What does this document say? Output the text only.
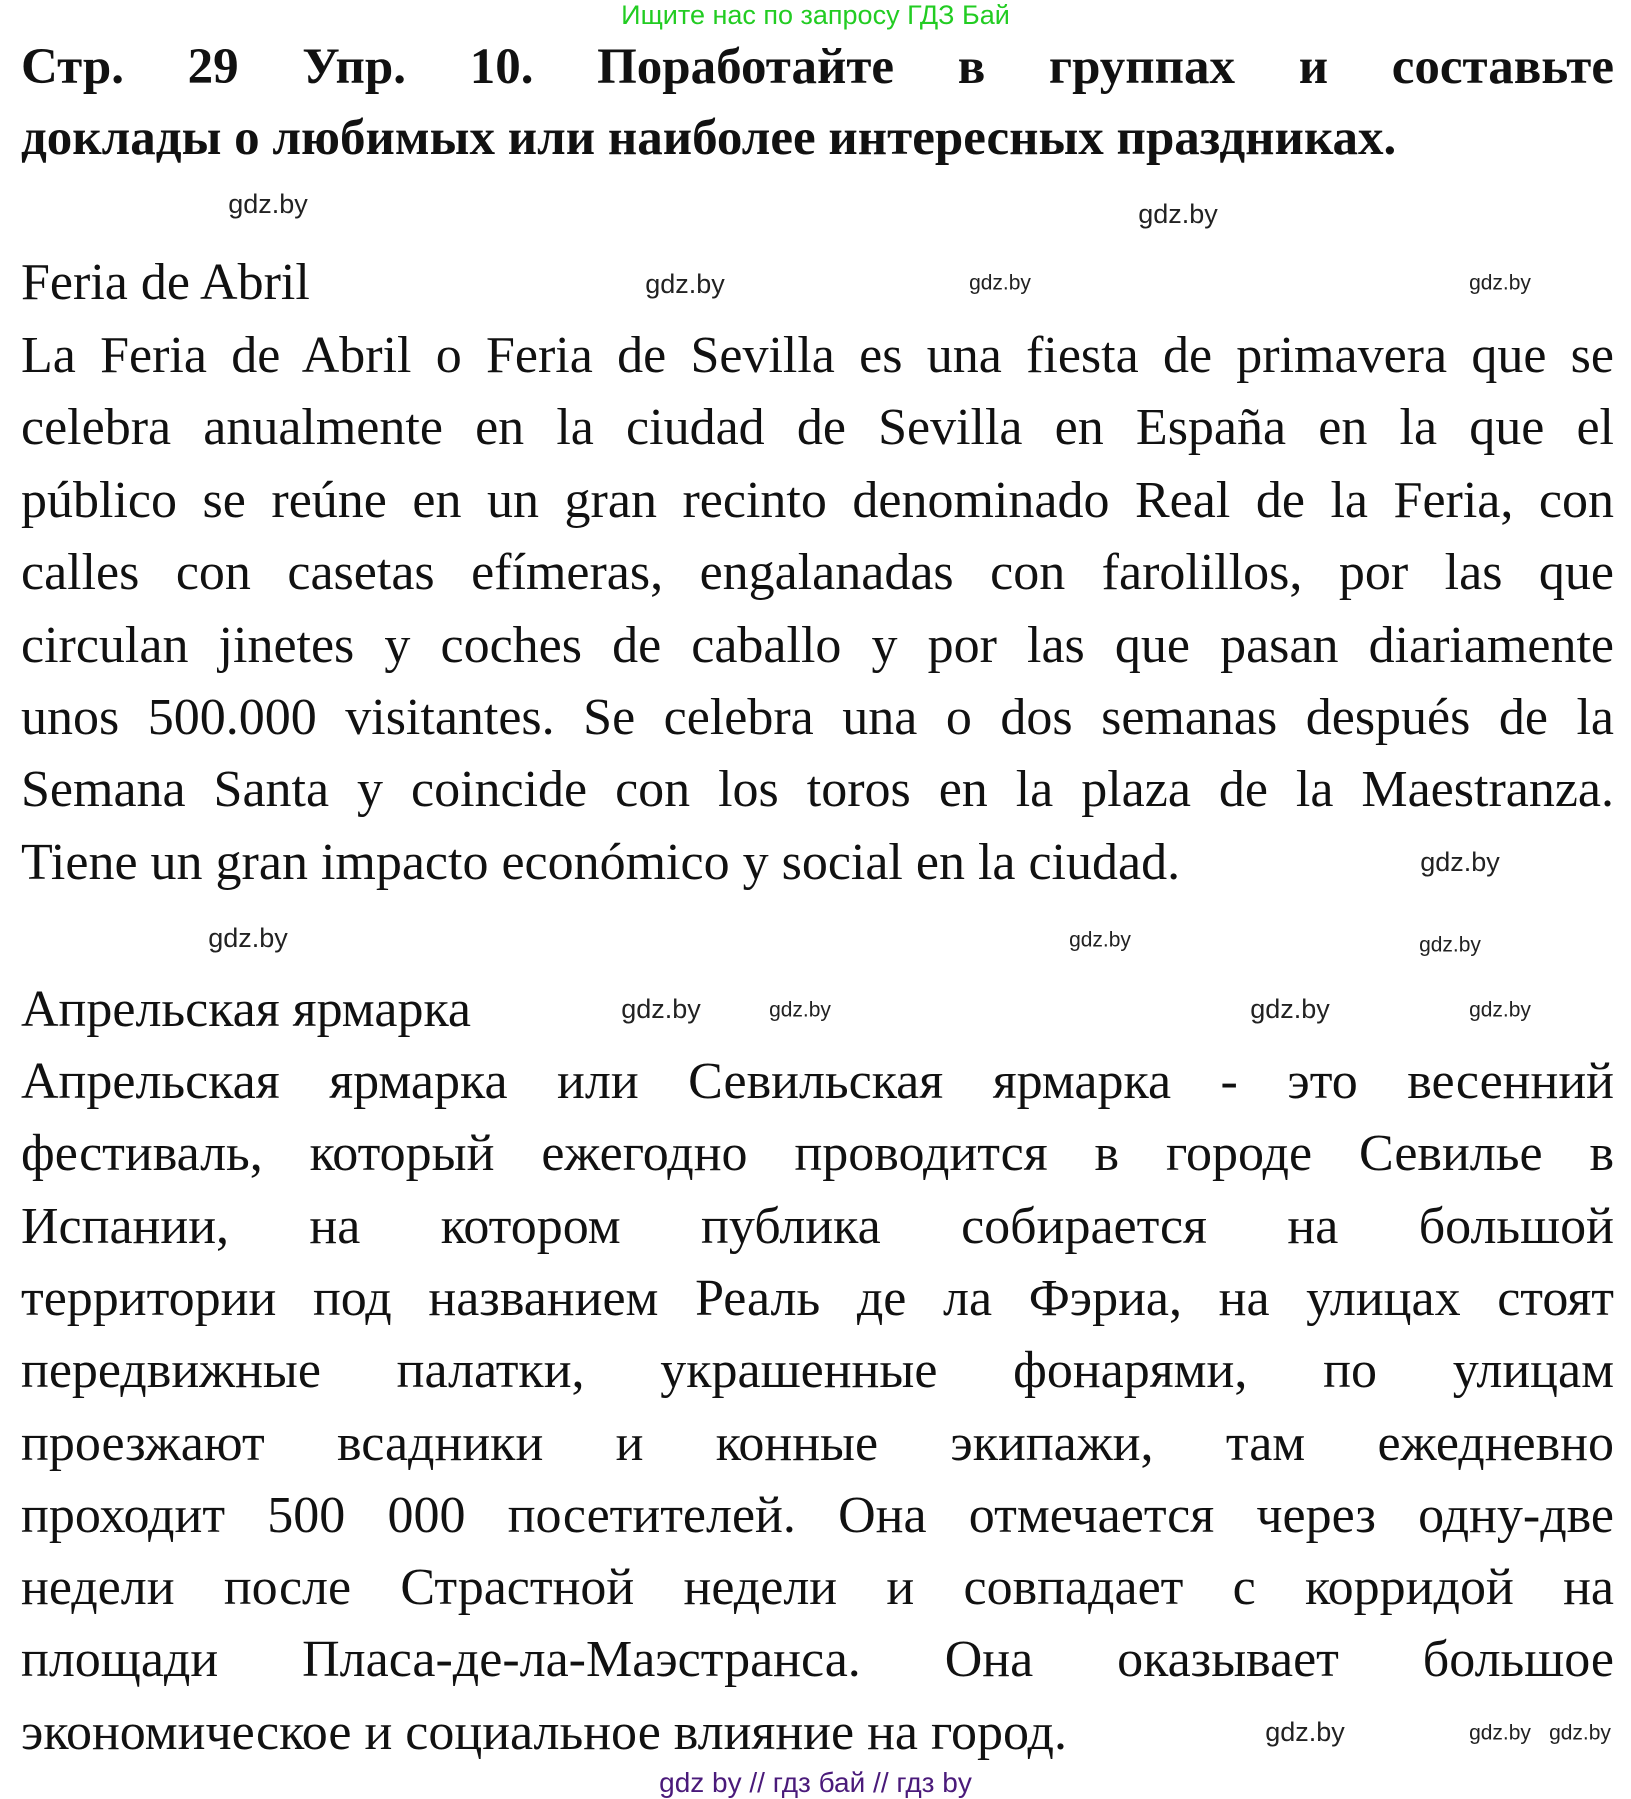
Ищите нас по запросу ГДЗ Бай
Стр. 29 Упр. 10. Поработайте в группах и составьте
доклады о любимых или наиболее интересных праздниках.
Feria de Abril
La Feria de Abril o Feria de Sevilla es una fiesta de primavera que se
celebra anualmente en la ciudad de Sevilla en España en la que el
público se reúne en un gran recinto denominado Real de la Feria, con
calles con casetas efímeras, engalanadas con farolillos, por las que
circulan jinetes y coches de caballo y por las que pasan diariamente
unos 500.000 visitantes. Se celebra una o dos semanas después de la
Semana Santa y coincide con los toros en la plaza de la Maestranza.
Tiene un gran impacto económico y social en la ciudad.
Апрельская ярмарка
Апрельская ярмарка или Севильская ярмарка - это весенний
фестиваль, который ежегодно проводится в городе Севилье в
Испании, на котором публика собирается на большой
территории под названием Реаль де ла Фэриа, на улицах стоят
передвижные палатки, украшенные фонарями, по улицам
проезжают всадники и конные экипажи, там ежедневно
проходит 500 000 посетителей. Она отмечается через одну-две
недели после Страстной недели и совпадает с корридой на
площади Пласа-де-ла-Маэстранса. Она оказывает большое
экономическое и социальное влияние на город.
gdz.by
gdz.by	gdz.by
gdz.by	gdz.by
gdz.by
gdz.by
gdz.by
gdz.by
gdz.by	gdz.by	gdz.by
gdz.by
gdz.by
gdz.by
gdz.by
gdz by // гдз бай // гдз by
